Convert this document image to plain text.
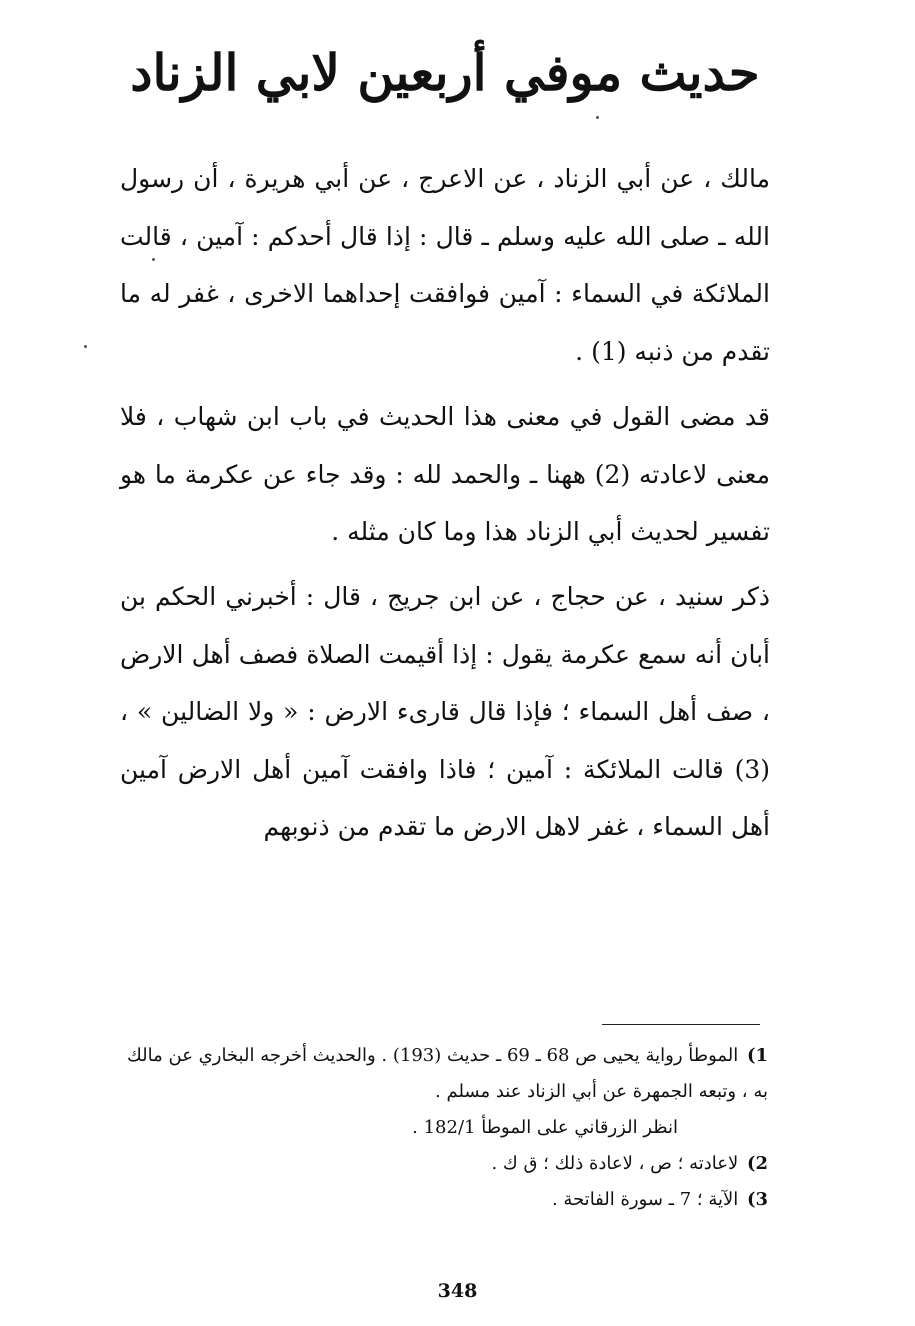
حديث موفي أربعين لابي الزناد
مالك ، عن أبي الزناد ، عن الاعرج ، عن أبي هريرة ، أن رسول الله ـ صلى الله عليه وسلم ـ قال : إذا قال أحدكم : آمين ، قالت الملائكة في السماء : آمين فوافقت إحداهما الاخرى ، غفر له ما تقدم من ذنبه (1) .
قد مضى القول في معنى هذا الحديث في باب ابن شهاب ، فلا معنى لاعادته (2) ههنا ـ والحمد لله : وقد جاء عن عكرمة ما هو تفسير لحديث أبي الزناد هذا وما كان مثله .
ذكر سنيد ، عن حجاج ، عن ابن جريج ، قال : أخبرني الحكم بن أبان أنه سمع عكرمة يقول : إذا أقيمت الصلاة فصف أهل الارض ، صف أهل السماء ؛ فإذا قال قارىء الارض : « ولا الضالين » ، (3) قالت الملائكة : آمين ؛ فاذا وافقت آمين أهل الارض آمين أهل السماء ، غفر لاهل الارض ما تقدم من ذنوبهم

1) الموطأ رواية يحيى ص 68 ـ 69 ـ حديث (193) . والحديث أخرجه البخاري عن مالك به ، وتبعه الجمهرة عن أبي الزناد عند مسلم .

انظر الزرقاني على الموطأ 182/1 .

2) لاعادته ؛ ص ، لاعادة ذلك ؛ ق ك .

3) الآية ؛ 7 ـ سورة الفاتحة .

348
